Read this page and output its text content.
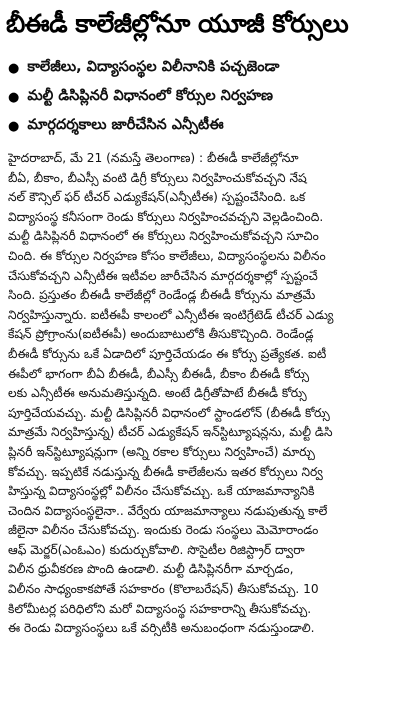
బీఈడీ కాలేజీల్లోనూ యూజీ కోర్సులు
● కాలేజీలు, విద్యాసంస్థల విలీనానికి పచ్చజెండా
● మల్టీ డిసిప్లినరీ విధానంలో కోర్సుల నిర్వహణ
● మార్గదర్శకాలు జారీచేసిన ఎన్సీటీఈ
హైదరాబాద్, మే 21 (నమస్తే తెలంగాణ) : బీఈడీ కాలేజీల్లోనూ
బీఏ, బీకాం, బీఎస్సీ వంటి డిగ్రీ కోర్సులు నిర్వహించుకోవచ్చని నేష
నల్ కౌన్సిల్ ఫర్ టీచర్ ఎడ్యుకేషన్(ఎన్సీటీఈ) స్పష్టంచేసింది. ఒక
విద్యాసంస్థ కనీసంగా రెండు కోర్సులు నిర్వహించవచ్చని వెల్లడించింది.
మల్టీ డిసిప్లినరీ విధానంలో ఈ కోర్సులు నిర్వహించుకోవచ్చని సూచిం
చింది. ఈ కోర్సుల నిర్వహణ కోసం కాలేజీలు, విద్యాసంస్థలను విలీనం
చేసుకోవచ్చని ఎన్సీటీఈ ఇటీవల జారీచేసిన మార్గదర్శకాల్లో స్పష్టంచే
సింది. ప్రస్తుతం బీఈడీ కాలేజీల్లో రెండేండ్ల బీఈడీ కోర్సును మాత్రమే
నిర్వహిస్తున్నారు. ఐటీఈపీ కాలంలో ఎన్సీటీఈ ఇంటిగ్రేటెడ్ టీచర్ ఎడ్యు
కేషన్ ప్రోగ్రాంను(ఐటీఈపీ) అందుబాటులోకి తీసుకొచ్చింది. రెండేండ్ల
బీఈడీ కోర్సును ఒకే ఏడాదిలో పూర్తిచేయడం ఈ కోర్సు ప్రత్యేకత. ఐటీ
ఈపీలో భాగంగా బీఏ బీఈడీ, బీఎస్సీ బీఈడీ, బీకాం బీఈడీ కోర్సు
లకు ఎన్సీటీఈ అనుమతిస్తున్నది. అంటే డిగ్రీతోపాటే బీఈడీ కోర్సు
పూర్తిచేయవచ్చు. మల్టీ డిసిప్లినరీ విధానంలో స్టాండలోన్ (బీఈడీ కోర్సు
మాత్రమే నిర్వహిస్తున్న) టీచర్ ఎడ్యుకేషన్ ఇన్‌స్టిట్యూషన్లను, మల్టీ డిసి
ప్లినరీ ఇన్‌స్టిట్యూషన్లుగా (అన్ని రకాల కోర్సులు నిర్వహించే) మార్చు
కోవచ్చు. ఇప్పటికే నడుస్తున్న బీఈడీ కాలేజీలను ఇతర కోర్సులు నిర్వ
హిస్తున్న విద్యాసంస్థల్లో విలీనం చేసుకోవచ్చు. ఒకే యాజమాన్యానికి
చెందిన విద్యాసంస్థలైనా.. వేర్వేరు యాజమాన్యాలు నడుపుతున్న కాలే
జీలైనా విలీనం చేసుకోవచ్చు. ఇందుకు రెండు సంస్థలు మెమోరాండం
ఆఫ్ మెర్జర్(ఎంఓఎం) కుదుర్చుకోవాలి. సొసైటీల రిజిస్ట్రార్ ద్వారా
విలీన ధ్రువీకరణ పొంది ఉండాలి. మల్టీ డిసిప్లినరీగా మార్చడం,
విలీనం సాధ్యంకాకపోతే సహకారం (కొలాబరేషన్) తీసుకోవచ్చు. 10
కిలోమీటర్ల పరిధిలోని మరో విద్యాసంస్థ సహకారాన్ని తీసుకోవచ్చు.
ఈ రెండు విద్యాసంస్థలు ఒకే వర్సిటీకి అనుబంధంగా నడుస్తుండాలి.
